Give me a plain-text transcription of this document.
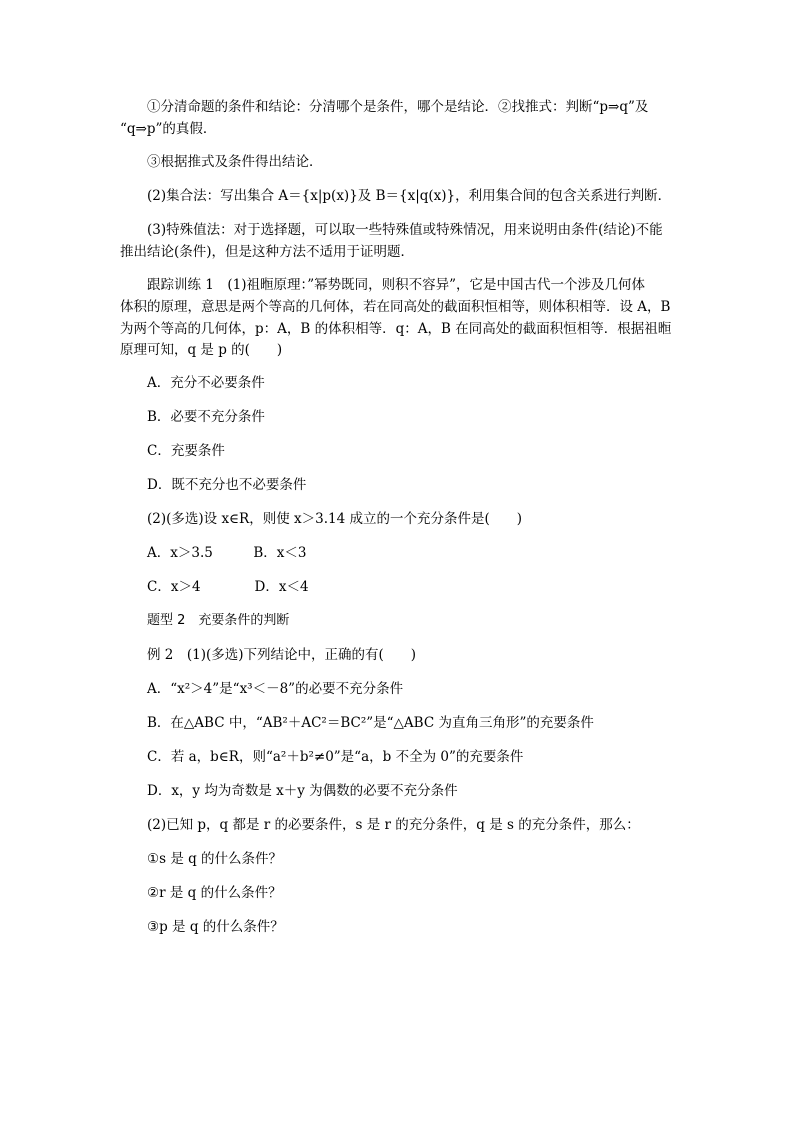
①分清命题的条件和结论：分清哪个是条件，哪个是结论．②找推式：判断“p⇒q”及
“q⇒p”的真假．
③根据推式及条件得出结论．
(2)集合法：写出集合 A＝{x|p(x)}及 B＝{x|q(x)}，利用集合间的包含关系进行判断．
(3)特殊值法：对于选择题，可以取一些特殊值或特殊情况，用来说明由条件(结论)不能
推出结论(条件)，但是这种方法不适用于证明题．
跟踪训练 1　(1)祖暅原理：”幂势既同，则积不容异”，它是中国古代一个涉及几何体
体积的原理，意思是两个等高的几何体，若在同高处的截面积恒相等，则体积相等．设 A，B
为两个等高的几何体，p：A，B 的体积相等．q：A，B 在同高处的截面积恒相等．根据祖暅
原理可知，q 是 p 的(　　)
A．充分不必要条件
B．必要不充分条件
C．充要条件
D．既不充分也不必要条件
(2)(多选)设 x∈R，则使 x＞3.14 成立的一个充分条件是(　　)
A．x＞3.5　　　B．x＜3
C．x＞4　　　　D．x＜4
题型 2　充要条件的判断
例 2　(1)(多选)下列结论中，正确的有(　　)
A．“x²＞4”是“x³＜－8”的必要不充分条件
B．在△ABC 中，“AB²＋AC²＝BC²”是“△ABC 为直角三角形”的充要条件
C．若 a，b∈R，则“a²＋b²≠0”是“a，b 不全为 0”的充要条件
D．x，y 均为奇数是 x＋y 为偶数的必要不充分条件
(2)已知 p，q 都是 r 的必要条件，s 是 r 的充分条件，q 是 s 的充分条件，那么：
①s 是 q 的什么条件？
②r 是 q 的什么条件？
③p 是 q 的什么条件？
